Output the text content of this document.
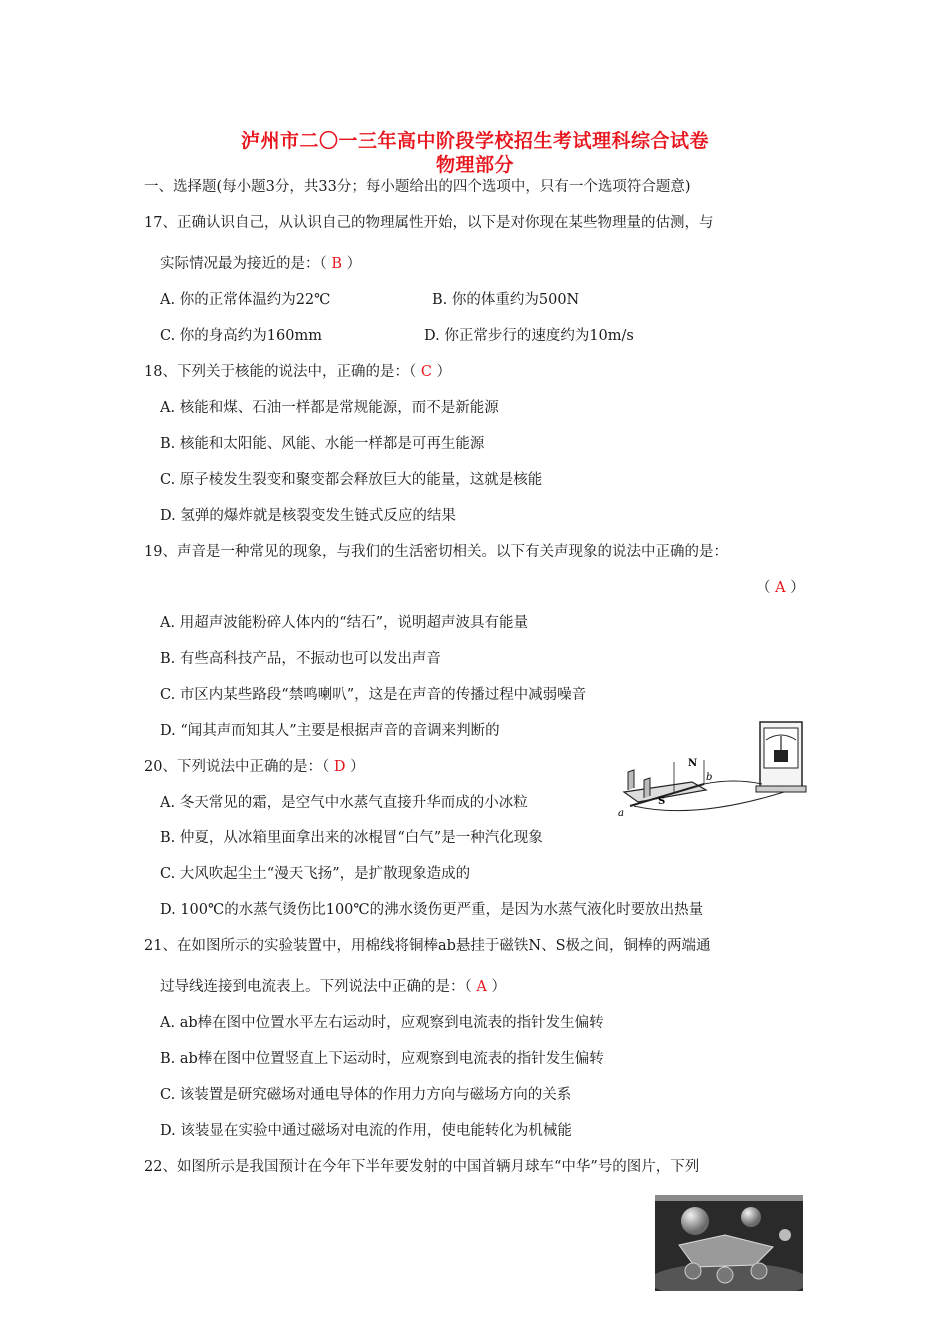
泸州市二〇一三年高中阶段学校招生考试理科综合试卷
物理部分
一、选择题(每小题3分，共33分；每小题给出的四个选项中，只有一个选项符合题意)
17、正确认识自己，从认识自己的物理属性开始，以下是对你现在某些物理量的估测，与
实际情况最为接近的是：（ B ）
A. 你的正常体温约为22℃	B. 你的体重约为500N
C. 你的身高约为160mm	D. 你正常步行的速度约为10m/s
18、下列关于核能的说法中，正确的是：（ C ）
A. 核能和煤、石油一样都是常规能源，而不是新能源
B. 核能和太阳能、风能、水能一样都是可再生能源
C. 原子棱发生裂变和聚变都会释放巨大的能量，这就是核能
D. 氢弹的爆炸就是核裂变发生链式反应的结果
19、声音是一种常见的现象，与我们的生活密切相关。以下有关声现象的说法中正确的是：
（ A ）
A. 用超声波能粉碎人体内的“结石”，说明超声波具有能量
B. 有些高科技产品，不振动也可以发出声音
C. 市区内某些路段“禁鸣喇叭”，这是在声音的传播过程中减弱噪音
D. “闻其声而知其人”主要是根据声音的音调来判断的
N
S
a
b
20、下列说法中正确的是：（ D ）
A. 冬天常见的霜，是空气中水蒸气直接升华而成的小冰粒
B. 仲夏，从冰箱里面拿出来的冰棍冒“白气”是一种汽化现象
C. 大风吹起尘土“漫天飞扬”，是扩散现象造成的
D. 100℃的水蒸气烫伤比100℃的沸水烫伤更严重，是因为水蒸气液化时要放出热量
21、在如图所示的实验装置中，用棉线将铜棒ab悬挂于磁铁N、S极之间，铜棒的两端通
过导线连接到电流表上。下列说法中正确的是：（ A ）
A. ab棒在图中位置水平左右运动时，应观察到电流表的指针发生偏转
B. ab棒在图中位置竖直上下运动时，应观察到电流表的指针发生偏转
C. 该装置是研究磁场对通电导体的作用力方向与磁场方向的关系
D. 该装显在实验中通过磁场对电流的作用，使电能转化为机械能
22、如图所示是我国预计在今年下半年要发射的中国首辆月球车“中华”号的图片，下列
